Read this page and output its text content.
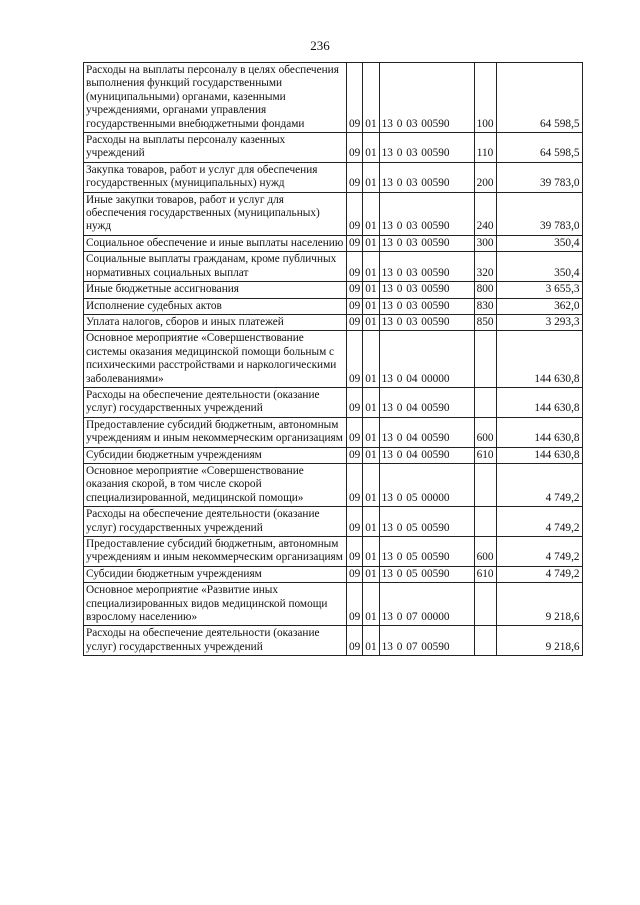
236
Расходы на выплаты персоналу в целях обеспечения выполнения функций государственными (муниципальными) органами, казенными учреждениями, органами управления государственными внебюджетными фондами	09	01	13 0 03 00590	100	64 598,5
Расходы на выплаты персоналу казенных учреждений	09	01	13 0 03 00590	110	64 598,5
Закупка товаров, работ и услуг для обеспечения государственных (муниципальных) нужд	09	01	13 0 03 00590	200	39 783,0
Иные закупки товаров, работ и услуг для обеспечения государственных (муниципальных) нужд	09	01	13 0 03 00590	240	39 783,0
Социальное обеспечение и иные выплаты населению	09	01	13 0 03 00590	300	350,4
Социальные выплаты гражданам, кроме публичных нормативных социальных выплат	09	01	13 0 03 00590	320	350,4
Иные бюджетные ассигнования	09	01	13 0 03 00590	800	3 655,3
Исполнение судебных актов	09	01	13 0 03 00590	830	362,0
Уплата налогов, сборов и иных платежей	09	01	13 0 03 00590	850	3 293,3
Основное мероприятие «Совершенствование системы оказания медицинской помощи больным с психическими расстройствами и наркологическими заболеваниями»	09	01	13 0 04 00000		144 630,8
Расходы на обеспечение деятельности (оказание услуг) государственных учреждений	09	01	13 0 04 00590		144 630,8
Предоставление субсидий бюджетным, автономным учреждениям и иным некоммерческим организациям	09	01	13 0 04 00590	600	144 630,8
Субсидии бюджетным учреждениям	09	01	13 0 04 00590	610	144 630,8
Основное мероприятие «Совершенствование оказания скорой, в том числе скорой специализированной, медицинской помощи»	09	01	13 0 05 00000		4 749,2
Расходы на обеспечение деятельности (оказание услуг) государственных учреждений	09	01	13 0 05 00590		4 749,2
Предоставление субсидий бюджетным, автономным учреждениям и иным некоммерческим организациям	09	01	13 0 05 00590	600	4 749,2
Субсидии бюджетным учреждениям	09	01	13 0 05 00590	610	4 749,2
Основное мероприятие «Развитие иных специализированных видов медицинской помощи взрослому населению»	09	01	13 0 07 00000		9 218,6
Расходы на обеспечение деятельности (оказание услуг) государственных учреждений	09	01	13 0 07 00590		9 218,6
